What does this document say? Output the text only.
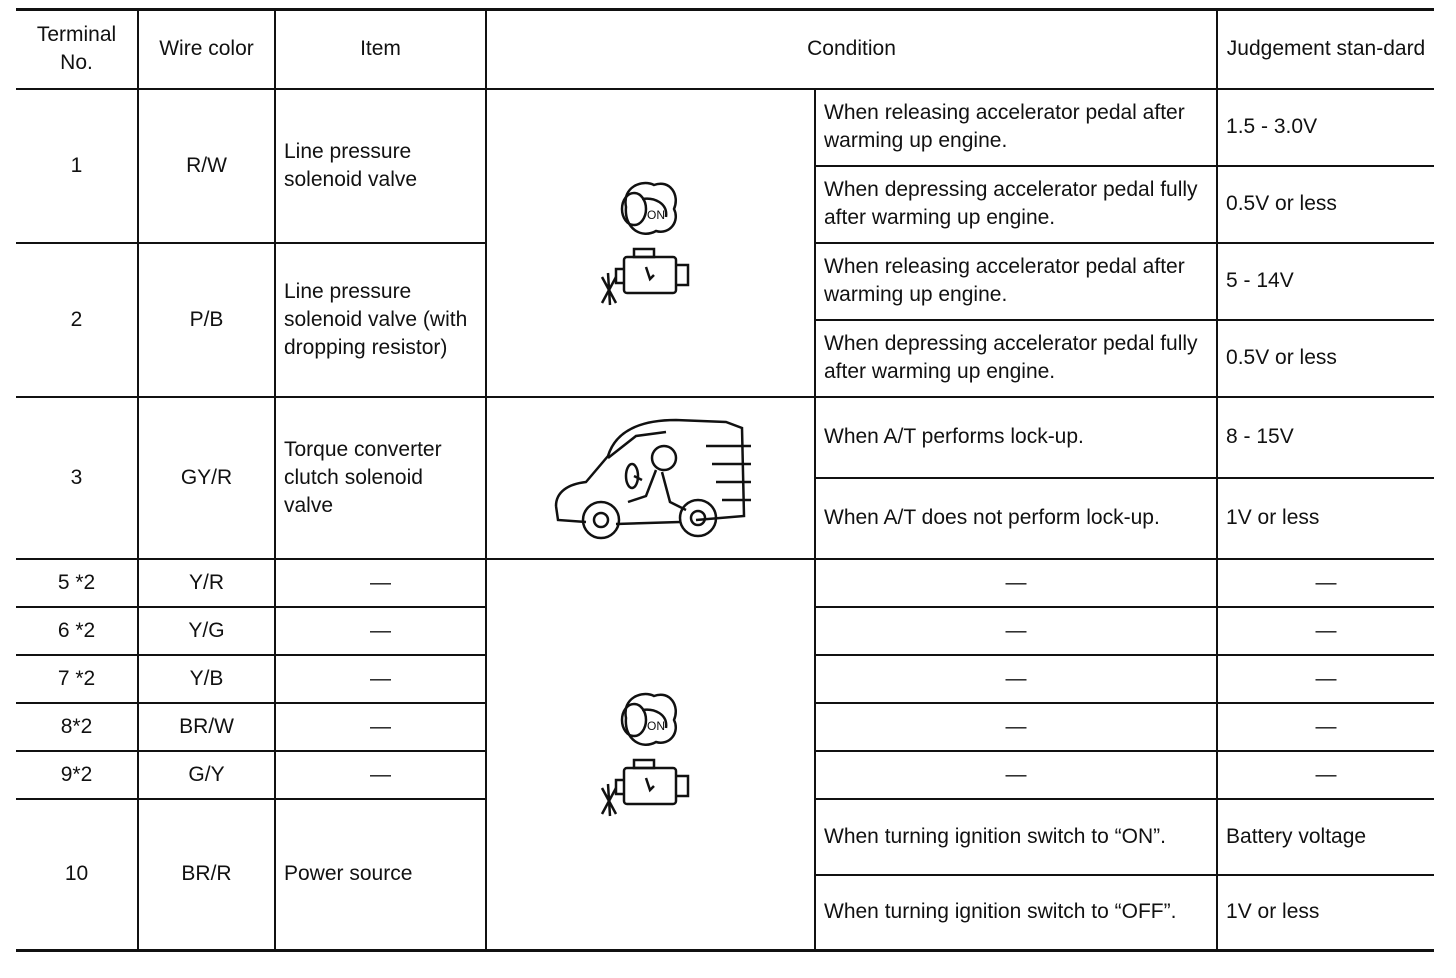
Terminal No.	Wire color	Item	Condition		Judgement stan-dard
1	R/W	Line pressure solenoid valve	ON	When releasing accelerator pedal after warming up engine.	1.5 - 3.0V
				When depressing accelerator pedal fully after warming up engine.	0.5V or less
2	P/B	Line pressure solenoid valve (with dropping resistor)		When releasing accelerator pedal after warming up engine.	5 - 14V
				When depressing accelerator pedal fully after warming up engine.	0.5V or less
3	GY/R	Torque converter clutch solenoid valve		When A/T performs lock-up.	8 - 15V
				When A/T does not perform lock-up.	1V or less
5 *2	Y/R	—	ON	—	—
6 *2	Y/G	—		—	—
7 *2	Y/B	—		—	—
8*2	BR/W	—		—	—
9*2	G/Y	—		—	—
10	BR/R	Power source		When turning ignition switch to “ON”.	Battery voltage
				When turning ignition switch to “OFF”.	1V or less
